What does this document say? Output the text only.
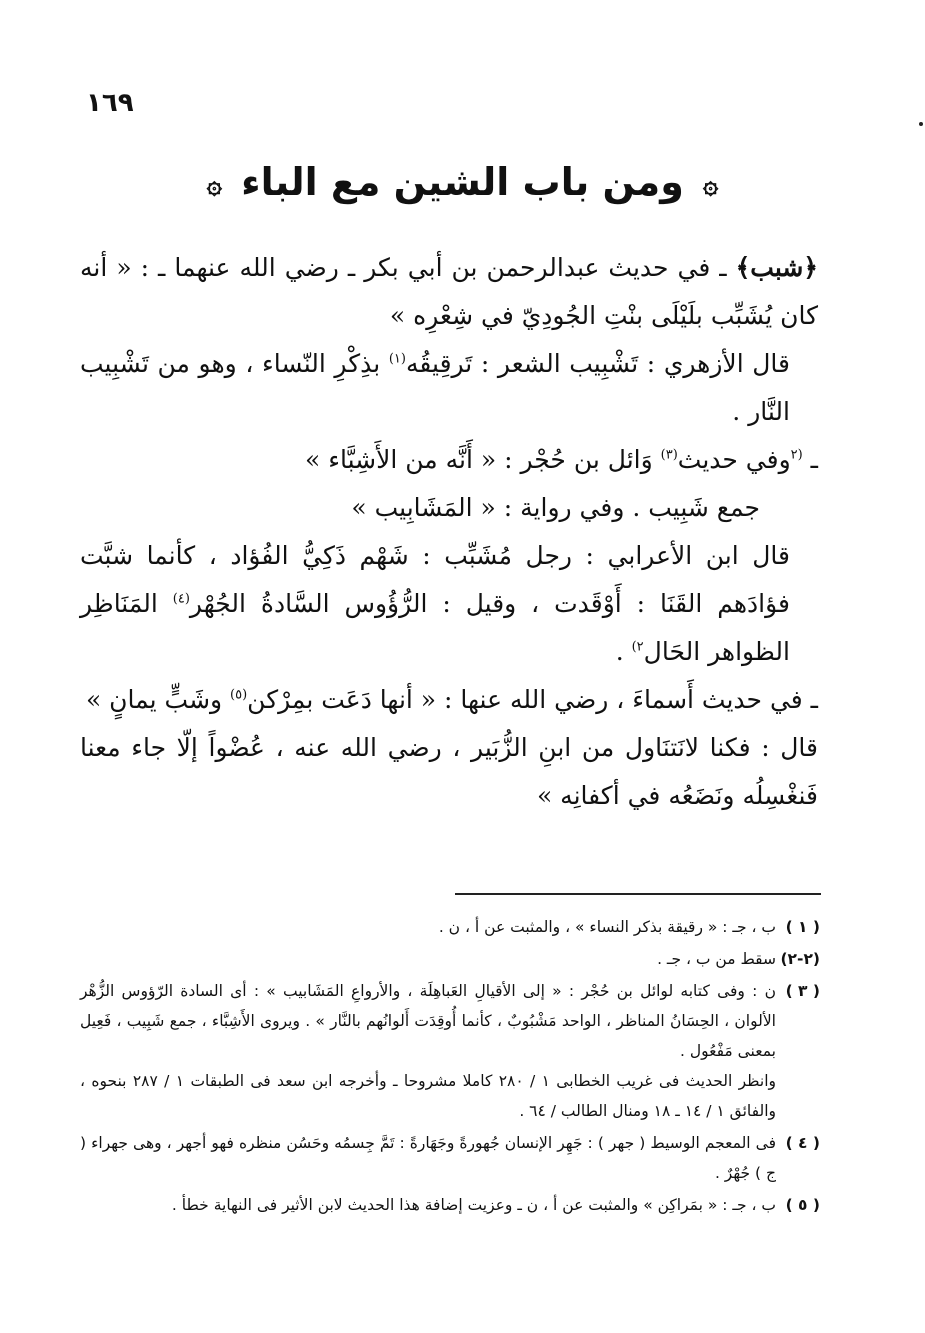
١٦٩
۞ ومن باب الشين مع الباء ۞

﴿شبب﴾ ـ في حديث عبدالرحمن بن أبي بكر ـ رضي الله عنهما ـ : « أنه كان يُشَبِّب بلَيْلَى بنْتِ الجُودِيّ في شِعْرِه »

قال الأزهري : تَشْبِيب الشعر : تَرقِيقُه$^{(١)}$ بذِكْرِ النّساء ، وهو من تَشْبِيب النَّار .

ـ $^{(٢}$وفي حديث$^{(٣)}$ وَائل بن حُجْر : « أَنَّه من الأَشِبَّاء »

جمع شَبِيب . وفي رواية : « المَشَابِيب »

قال ابن الأعرابي : رجل مُشَبِّب : شَهْم ذَكِيُّ الفُؤاد ، كأنما شبَّت فؤادَهم القَنَا : أَوْقَدت ، وقيل : الرُّؤُوس السَّادةُ الجُهْر$^{(٤)}$ المَنَاظِر الظواهر الحَال$^{٢)}$ .

ـ في حديث أَسماءَ ، رضي الله عنها : « أنها دَعَت بمِرْكن$^{(٥)}$ وشَبٍّ يمانٍ »

قال : فكنا لانَتنَاول من ابنِ الزُّبَير ، رضي الله عنه ، عُضْواً إلّا جاء معنا فَنغْسِلُه ونَضَعُه في أكفانِه »

( ١ )
ب ، جـ : « رقيقة بذكر النساء » ، والمثبت عن أ ، ن .
(٢-٢)
سقط من ب ، جـ .
( ٣ )
ن : وفى كتابه لوائل بن حُجْر : « إلى الأقيالِ العَباهِلَة ، والأرواعِ المَشَابيب » : أى السادة الرّؤوس الزُّهْر الألوان ، الحِسَانُ المناظر ، الواحد مَشْبُوبٌ ، كأنما أُوقِدَت أَلوانُهم بالنَّار » . ويروى الأَشِبَّاء ، جمع شَبِيب ، فَعِيل بمعنى مَفْعُول .
وانظر الحديث فى غريب الخطابى ١ / ٢٨٠ كاملا مشروحا ـ وأخرجه ابن سعد فى الطبقات ١ / ٢٨٧ بنحوه ، والفائق ١ / ١٤ ـ ١٨ ومنال الطالب / ٦٤ .
( ٤ )
فى المعجم الوسيط ( جهر ) : جَهِر الإنسان جُهورةً وجَهَارةً : تَمَّ جِسمُه وحَسُن منظره فهو أجهر ، وهى جهراء ( ج ) جُهْرٌ .
( ٥ )
ب ، جـ : « بمَراكِن » والمثبت عن أ ، ن ـ وعزيت إضافة هذا الحديث لابن الأثير فى النهاية خطأ .
